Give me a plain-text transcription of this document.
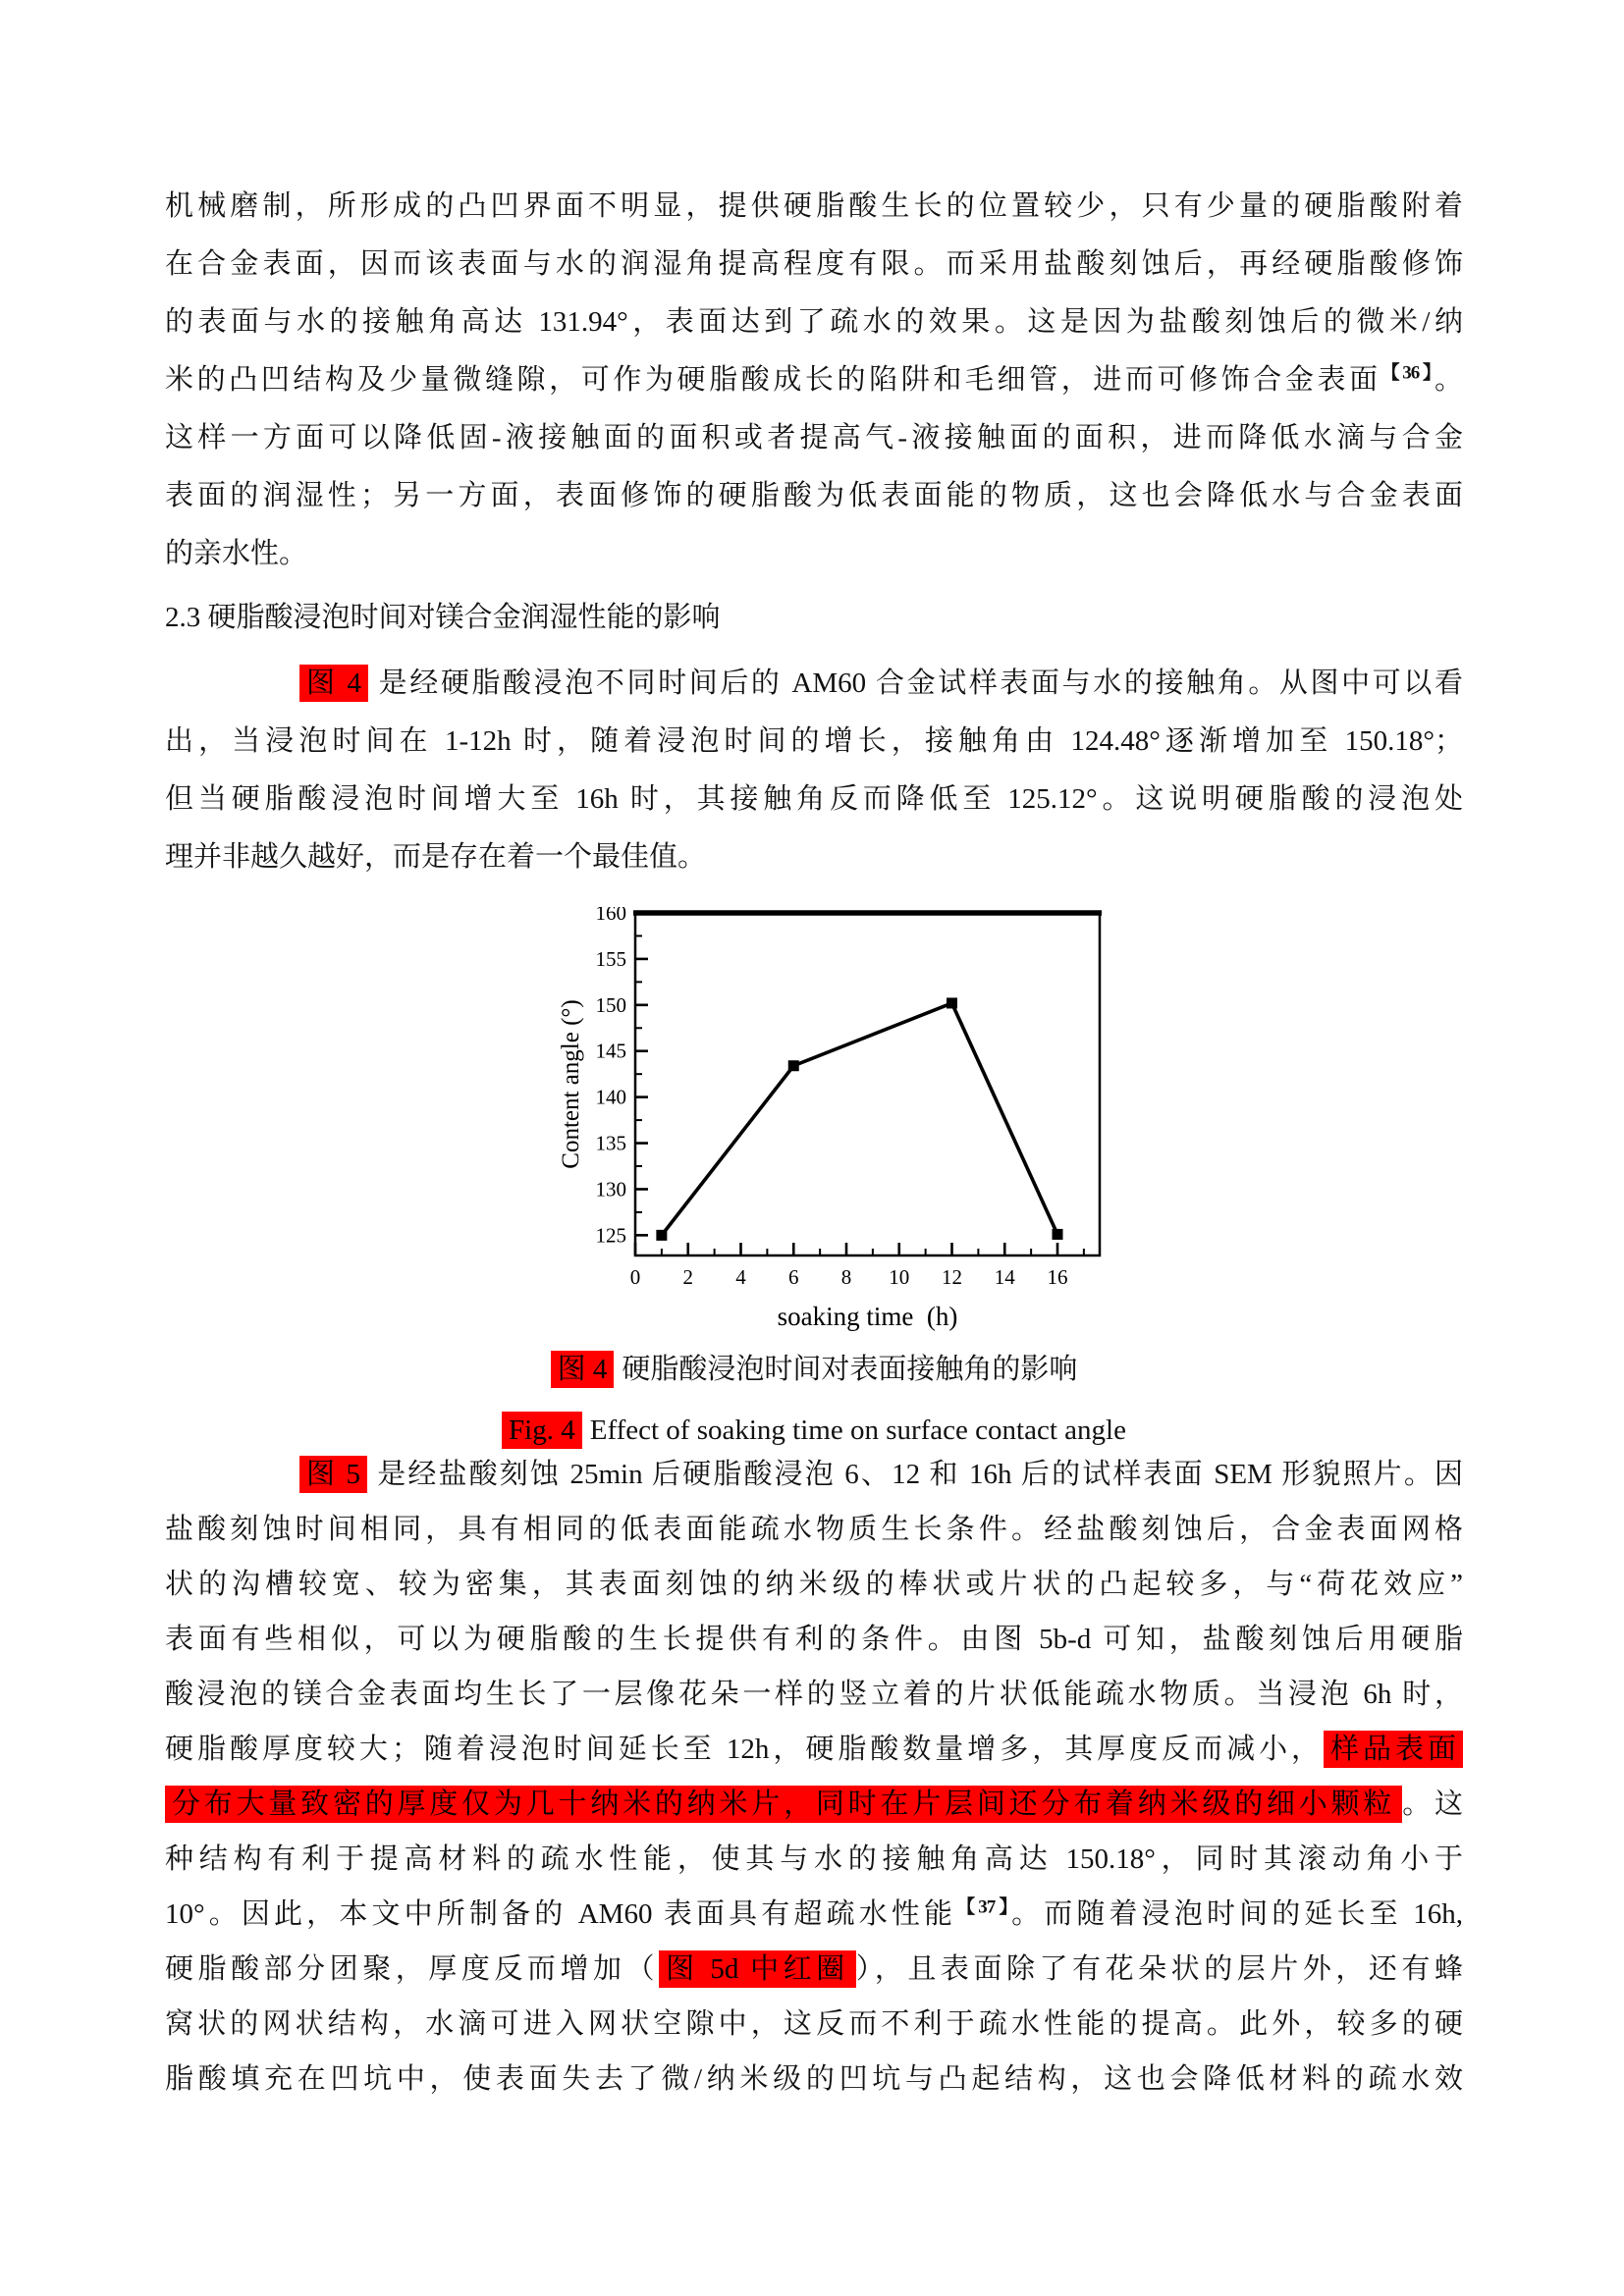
机械磨制，所形成的凸凹界面不明显，提供硬脂酸生长的位置较少，只有少量的硬脂酸附着
在合金表面，因而该表面与水的润湿角提高程度有限。而采用盐酸刻蚀后，再经硬脂酸修饰
的表面与水的接触角高达 131.94°，表面达到了疏水的效果。这是因为盐酸刻蚀后的微米/纳
米的凸凹结构及少量微缝隙，可作为硬脂酸成长的陷阱和毛细管，进而可修饰合金表面$^{【36】}$。
这样一方面可以降低固-液接触面的面积或者提高气-液接触面的面积，进而降低水滴与合金
表面的润湿性；另一方面，表面修饰的硬脂酸为低表面能的物质，这也会降低水与合金表面
的亲水性。
2.3 硬脂酸浸泡时间对镁合金润湿性能的影响
图 4 是经硬脂酸浸泡不同时间后的 AM60 合金试样表面与水的接触角。从图中可以看
出，当浸泡时间在 1-12h 时，随着浸泡时间的增长，接触角由 124.48°逐渐增加至 150.18°；
但当硬脂酸浸泡时间增大至 16h 时，其接触角反而降低至 125.12°。这说明硬脂酸的浸泡处
理并非越久越好，而是存在着一个最佳值。
0 2 4 6 8 10 12 14 16
125
130
135
140
145
150
155
160
soaking time  (h)
Content angle (°)
图 4 硬脂酸浸泡时间对表面接触角的影响
Fig. 4 Effect of soaking time on surface contact angle
图 5 是经盐酸刻蚀 25min 后硬脂酸浸泡 6、12 和 16h 后的试样表面 SEM 形貌照片。因
盐酸刻蚀时间相同，具有相同的低表面能疏水物质生长条件。经盐酸刻蚀后，合金表面网格
状的沟槽较宽、较为密集，其表面刻蚀的纳米级的棒状或片状的凸起较多，与“荷花效应”
表面有些相似，可以为硬脂酸的生长提供有利的条件。由图 5b-d 可知，盐酸刻蚀后用硬脂
酸浸泡的镁合金表面均生长了一层像花朵一样的竖立着的片状低能疏水物质。当浸泡 6h 时，
硬脂酸厚度较大；随着浸泡时间延长至 12h，硬脂酸数量增多，其厚度反而减小， 样品表面
分布大量致密的厚度仅为几十纳米的纳米片，同时在片层间还分布着纳米级的细小颗粒 。这
种结构有利于提高材料的疏水性能，使其与水的接触角高达 150.18°，同时其滚动角小于
10°。因此，本文中所制备的 AM60 表面具有超疏水性能$^{【37】}$。而随着浸泡时间的延长至 16h,
硬脂酸部分团聚，厚度反而增加（ 图 5d 中红圈 ），且表面除了有花朵状的层片外，还有蜂
窝状的网状结构，水滴可进入网状空隙中，这反而不利于疏水性能的提高。此外，较多的硬
脂酸填充在凹坑中，使表面失去了微/纳米级的凹坑与凸起结构，这也会降低材料的疏水效
